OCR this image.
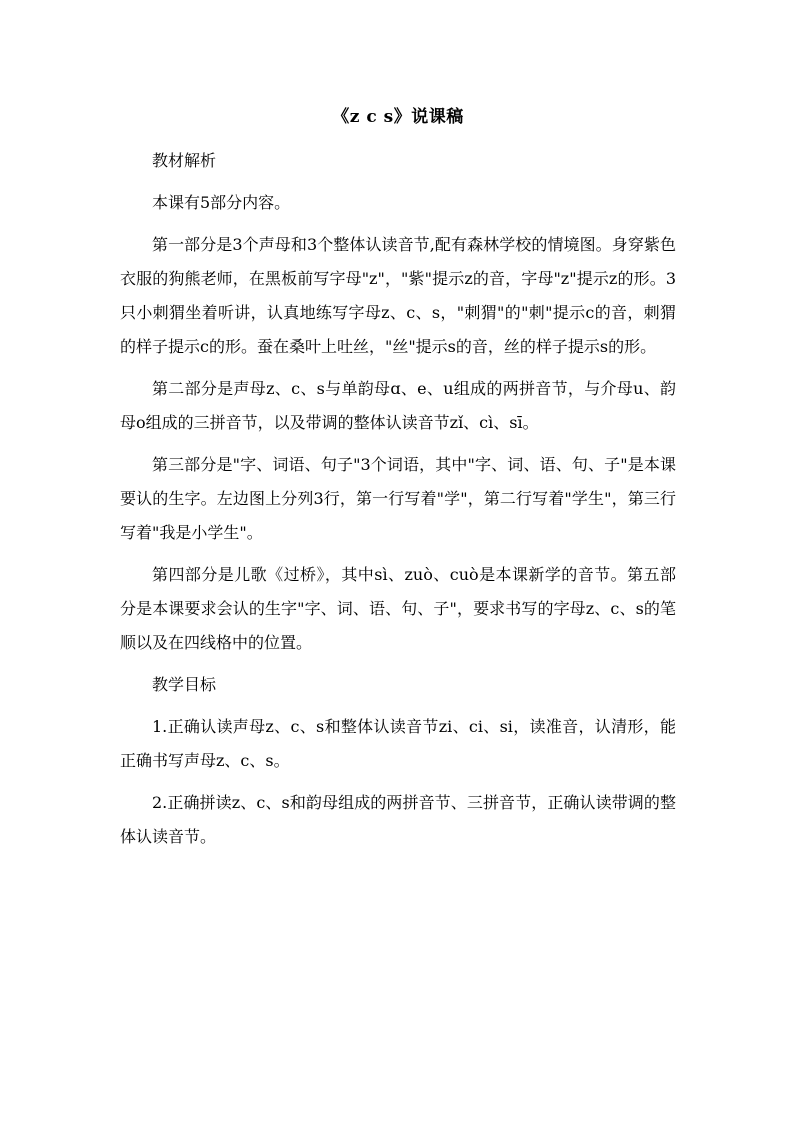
《z c s》说课稿
教材解析

本课有5部分内容。

第一部分是3个声母和3个整体认读音节,配有森林学校的情境图。身穿紫色衣服的狗熊老师，在黑板前写字母"z"，"紫"提示z的音，字母"z"提示z的形。3只小刺猬坐着听讲，认真地练写字母z、c、s，"刺猬"的"刺"提示c的音，刺猬的样子提示c的形。蚕在桑叶上吐丝，"丝"提示s的音，丝的样子提示s的形。

第二部分是声母z、c、s与单韵母ɑ、e、u组成的两拼音节，与介母u、韵母o组成的三拼音节，以及带调的整体认读音节zǐ、cì、sī。

第三部分是"字、词语、句子"3个词语，其中"字、词、语、句、子"是本课要认的生字。左边图上分列3行，第一行写着"学"，第二行写着"学生"，第三行写着"我是小学生"。

第四部分是儿歌《过桥》，其中sì、zuò、cuò是本课新学的音节。第五部分是本课要求会认的生字"字、词、语、句、子"，要求书写的字母z、c、s的笔顺以及在四线格中的位置。

教学目标

1.正确认读声母z、c、s和整体认读音节zi、ci、si，读准音，认清形，能正确书写声母z、c、s。

2.正确拼读z、c、s和韵母组成的两拼音节、三拼音节，正确认读带调的整体认读音节。
